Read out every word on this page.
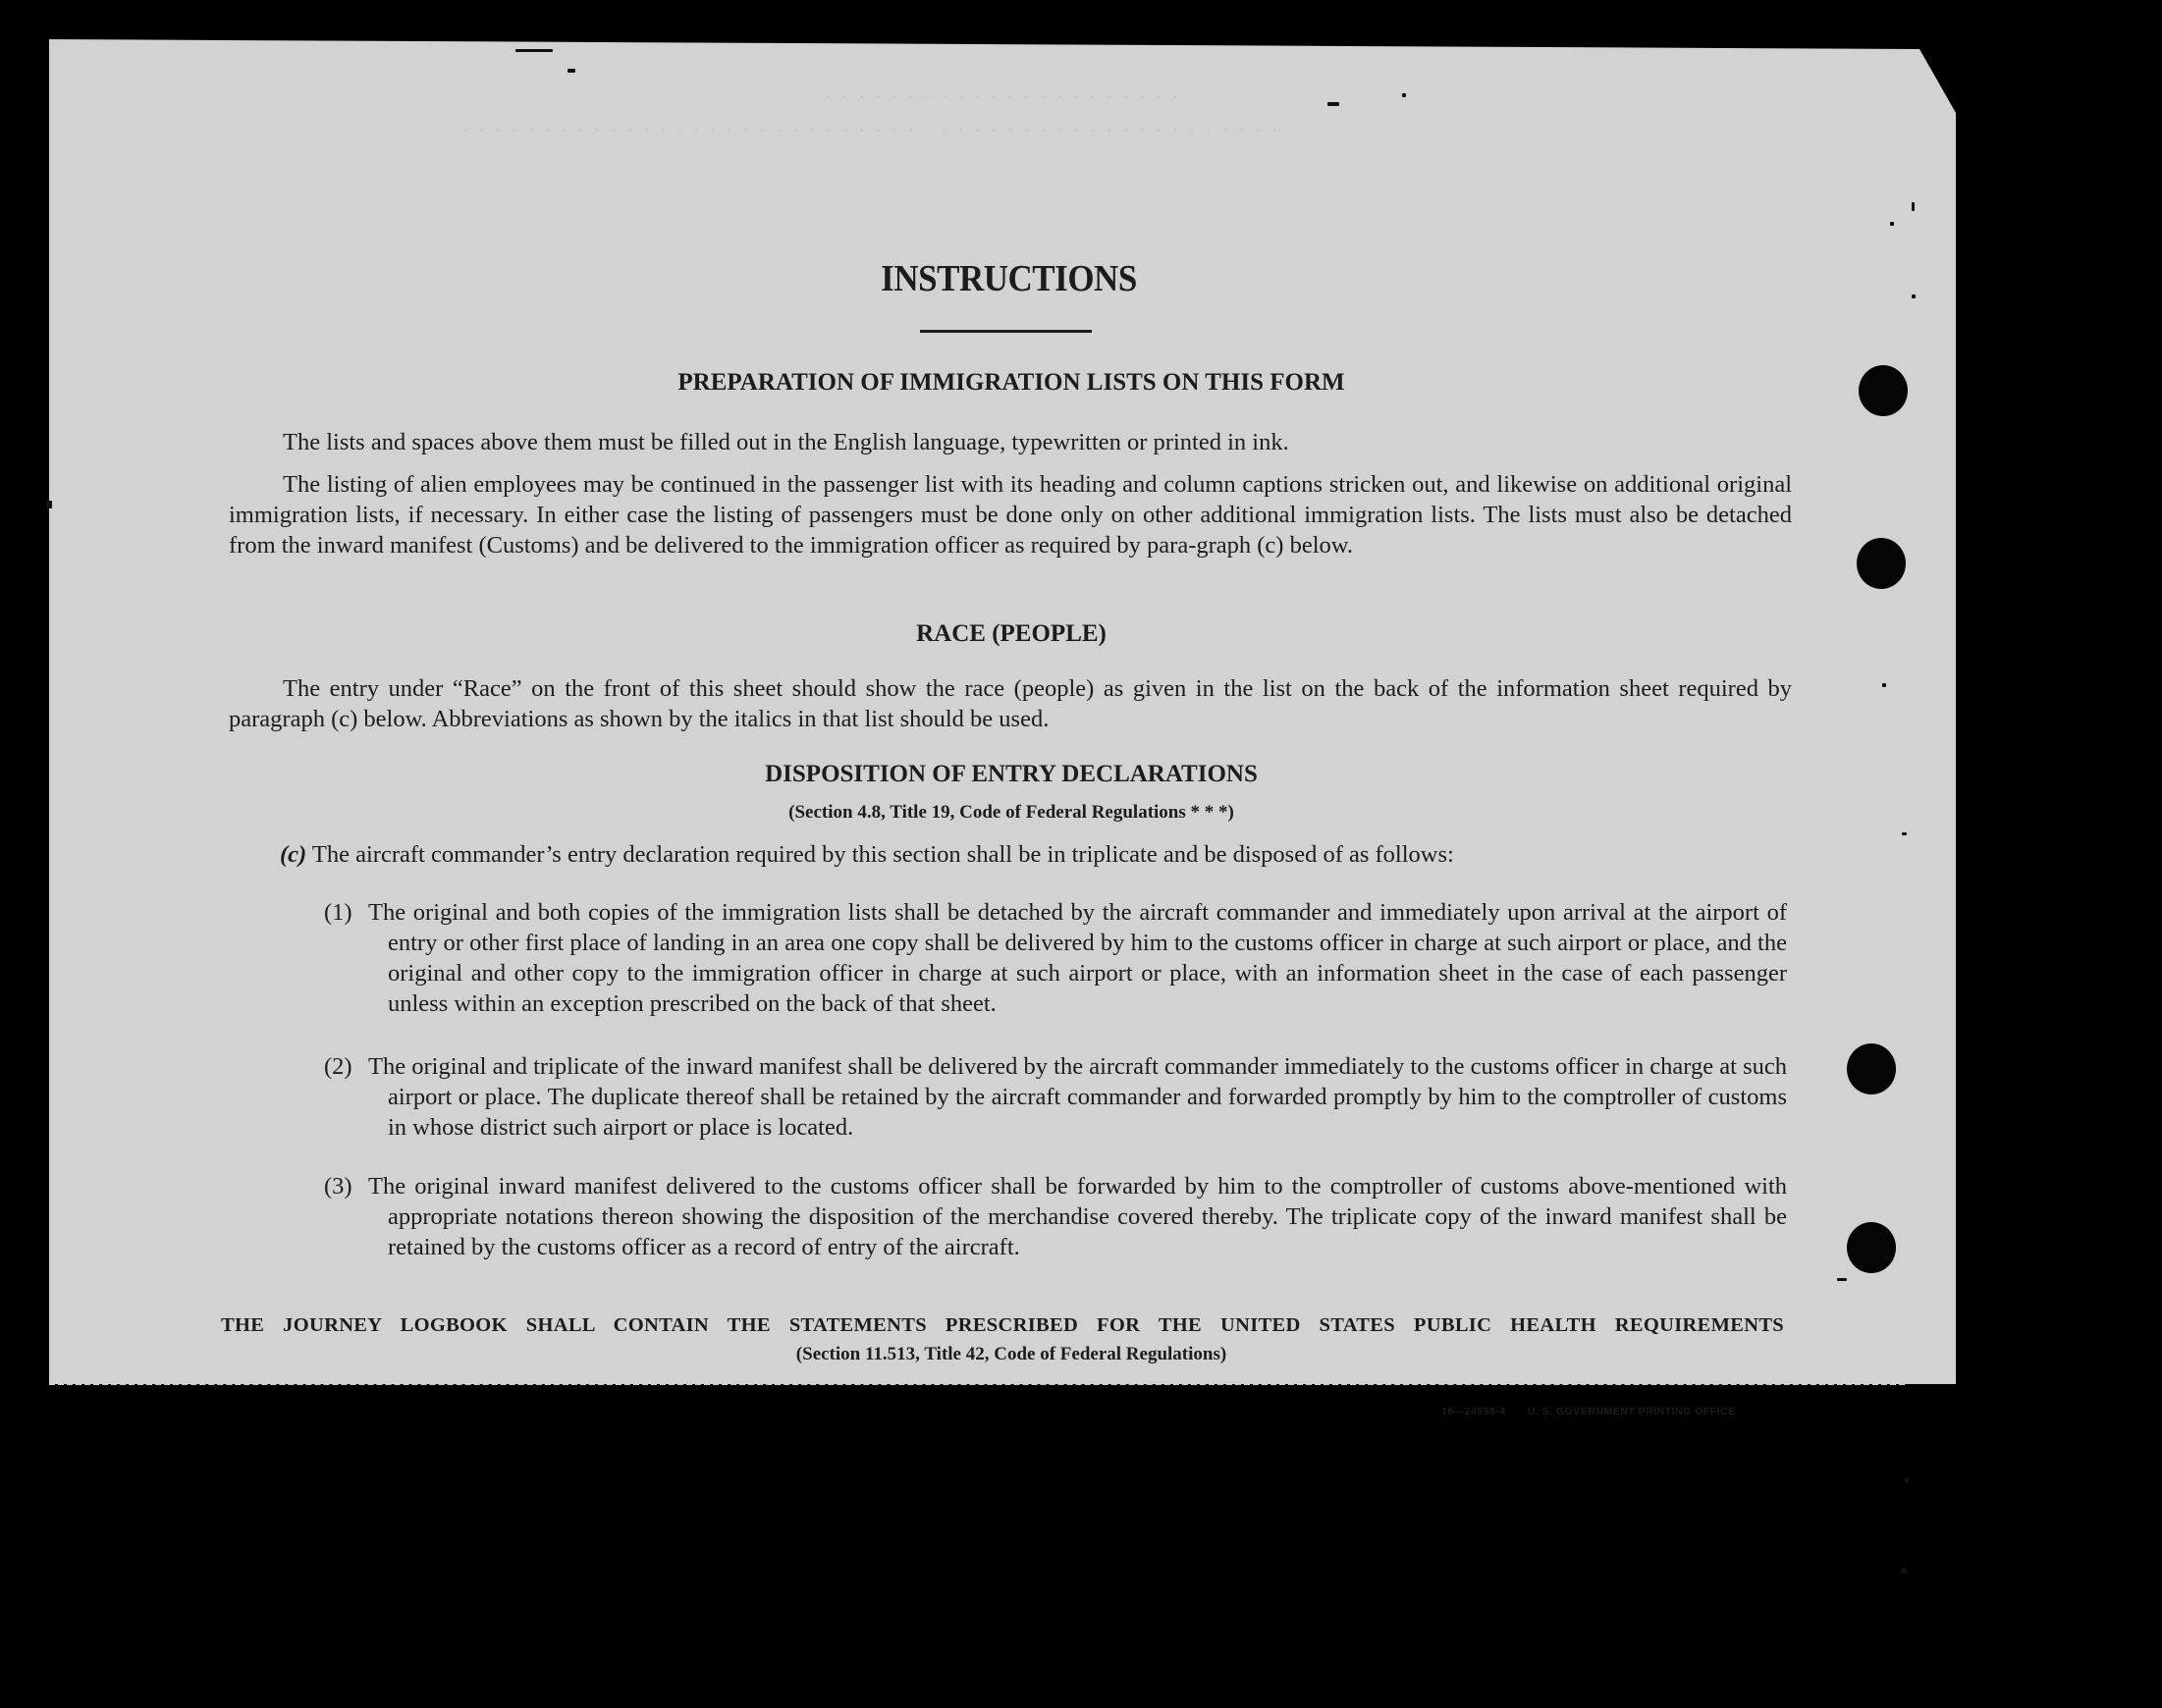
· · · · · · · · · · · · · · · · · · · · · ·
· · · · · · · · · · · · · · · · · · · · · · · · · · · · · · · · · · · · · · · · · · · · · · · · · ·
INSTRUCTIONS
PREPARATION OF IMMIGRATION LISTS ON THIS FORM
The lists and spaces above them must be filled out in the English language, typewritten or printed in ink.
The listing of alien employees may be continued in the passenger list with its heading and column captions stricken out, and likewise on additional original immigration lists, if necessary. In either case the listing of passengers must be done only on other additional immigration lists. The lists must also be detached from the inward manifest (Customs) and be delivered to the immigration officer as required by para-graph (c) below.
RACE (PEOPLE)
The entry under “Race” on the front of this sheet should show the race (people) as given in the list on the back of the information sheet required by paragraph (c) below. Abbreviations as shown by the italics in that list should be used.
DISPOSITION OF ENTRY DECLARATIONS
(Section 4.8, Title 19, Code of Federal Regulations * * *)
(c) The aircraft commander’s entry declaration required by this section shall be in triplicate and be disposed of as follows:
(1) The original and both copies of the immigration lists shall be detached by the aircraft commander and immediately upon arrival at the airport of entry or other first place of landing in an area one copy shall be delivered by him to the customs officer in charge at such airport or place, and the original and other copy to the immigration officer in charge at such airport or place, with an information sheet in the case of each passenger unless within an exception prescribed on the back of that sheet.
(2) The original and triplicate of the inward manifest shall be delivered by the aircraft commander immediately to the customs officer in charge at such airport or place. The duplicate thereof shall be retained by the aircraft commander and forwarded promptly by him to the comptroller of customs in whose district such airport or place is located.
(3) The original inward manifest delivered to the customs officer shall be forwarded by him to the comptroller of customs above-mentioned with appropriate notations thereon showing the disposition of the merchandise covered thereby. The triplicate copy of the inward manifest shall be retained by the customs officer as a record of entry of the aircraft.
THE JOURNEY LOGBOOK SHALL CONTAIN THE STATEMENTS PRESCRIBED FOR THE UNITED STATES PUBLIC HEALTH REQUIREMENTS
(Section 11.513, Title 42, Code of Federal Regulations)
16—24598-4 U. S. GOVERNMENT PRINTING OFFICE
